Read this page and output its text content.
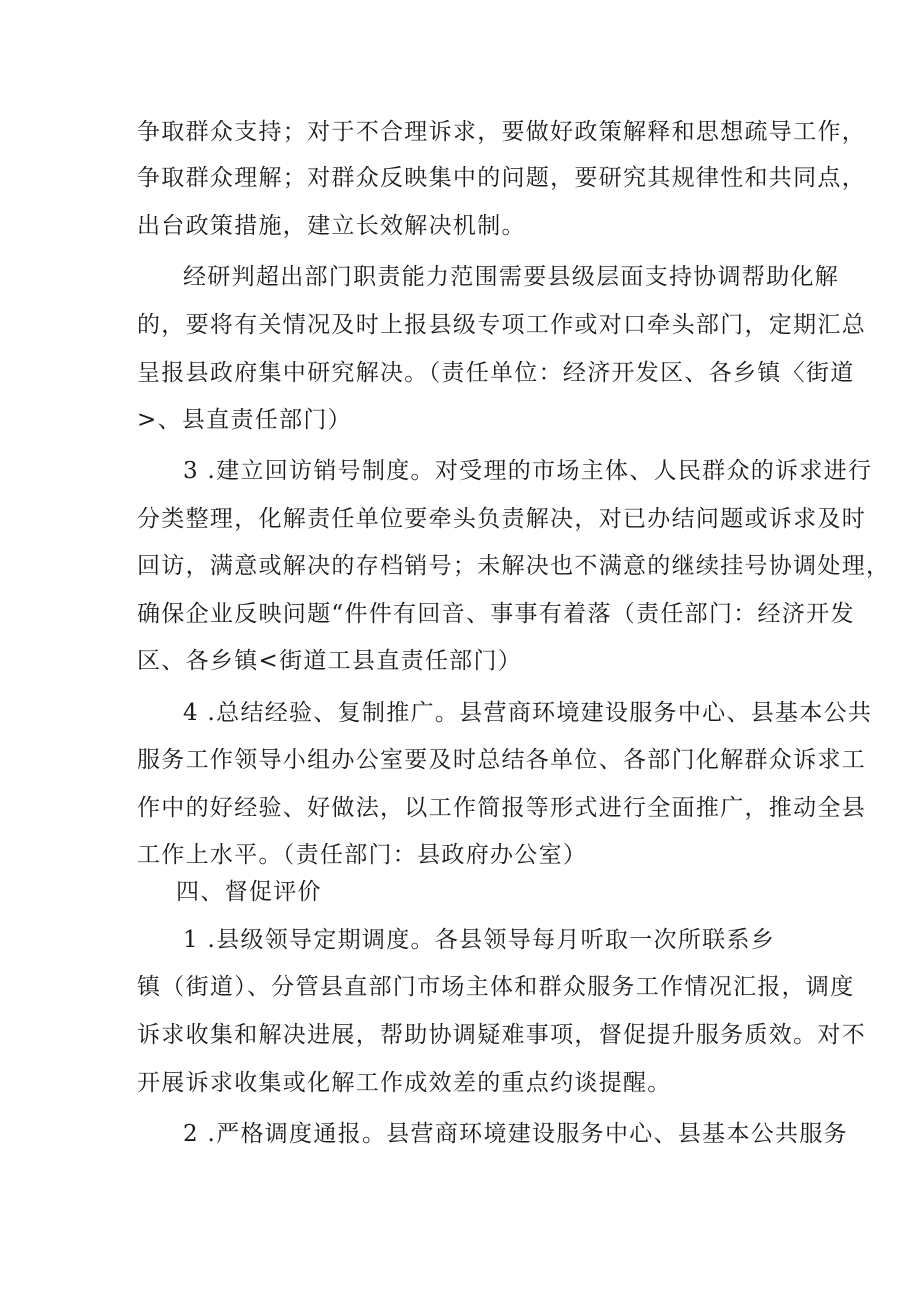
争取群众支持；对于不合理诉求，要做好政策解释和思想疏导工作，
争取群众理解；对群众反映集中的问题，要研究其规律性和共同点，
出台政策措施，建立长效解决机制。
经研判超出部门职责能力范围需要县级层面支持协调帮助化解
的，要将有关情况及时上报县级专项工作或对口牵头部门，定期汇总
呈报县政府集中研究解决。（责任单位：经济开发区、各乡镇〈街道
>、县直责任部门）
3 .建立回访销号制度。对受理的市场主体、人民群众的诉求进行
分类整理，化解责任单位要牵头负责解决，对已办结问题或诉求及时
回访，满意或解决的存档销号；未解决也不满意的继续挂号协调处理，
确保企业反映问题“件件有回音、事事有着落（责任部门：经济开发
区、各乡镇<街道工县直责任部门）
4 .总结经验、复制推广。县营商环境建设服务中心、县基本公共
服务工作领导小组办公室要及时总结各单位、各部门化解群众诉求工
作中的好经验、好做法，以工作简报等形式进行全面推广，推动全县
工作上水平。（责任部门：县政府办公室）
四、督促评价
1 .县级领导定期调度。各县领导每月听取一次所联系乡
镇（街道）、分管县直部门市场主体和群众服务工作情况汇报，调度
诉求收集和解决进展，帮助协调疑难事项，督促提升服务质效。对不
开展诉求收集或化解工作成效差的重点约谈提醒。
2 .严格调度通报。县营商环境建设服务中心、县基本公共服务
